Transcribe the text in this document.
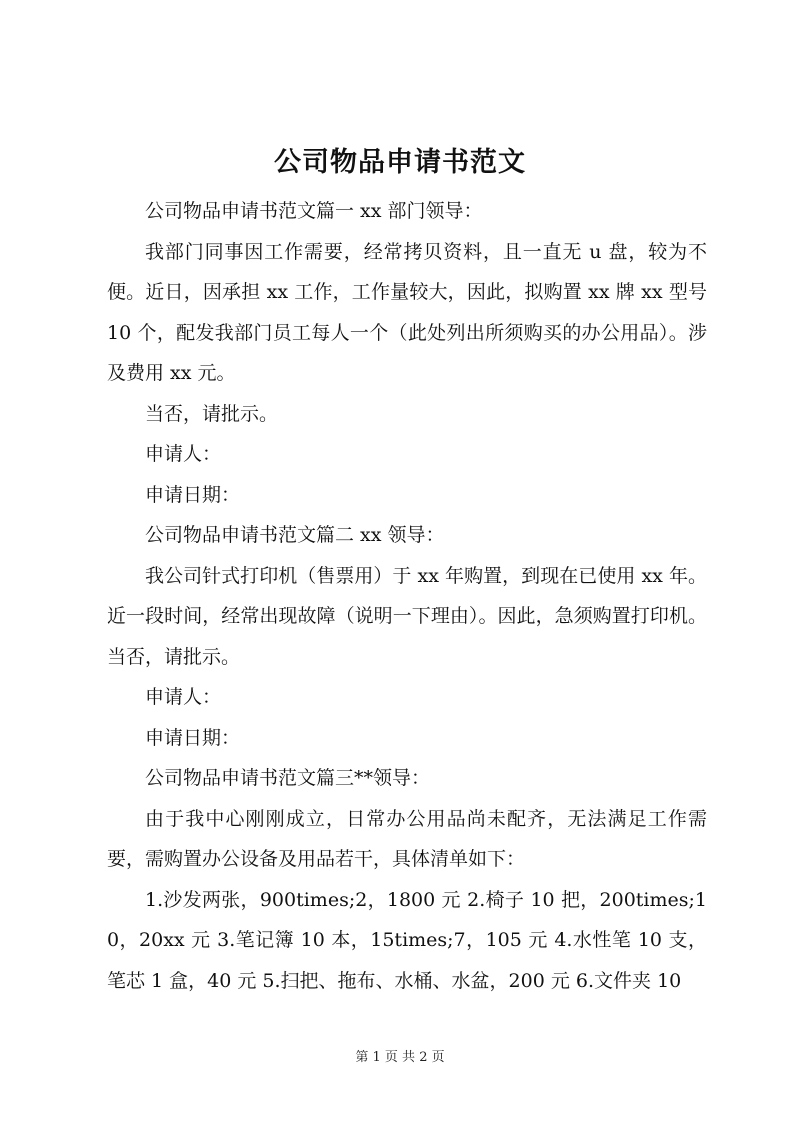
公司物品申请书范文

公司物品申请书范文篇一 xx 部门领导：

我部门同事因工作需要，经常拷贝资料，且一直无 u 盘，较为不便。近日，因承担 xx 工作，工作量较大，因此，拟购置 xx 牌 xx 型号 10 个，配发我部门员工每人一个（此处列出所须购买的办公用品）。涉及费用 xx 元。

当否，请批示。

申请人：

申请日期：

公司物品申请书范文篇二 xx 领导：

我公司针式打印机（售票用）于 xx 年购置，到现在已使用 xx 年。近一段时间，经常出现故障（说明一下理由）。因此，急须购置打印机。当否，请批示。

申请人：

申请日期：

公司物品申请书范文篇三**领导：

由于我中心刚刚成立，日常办公用品尚未配齐，无法满足工作需要，需购置办公设备及用品若干，具体清单如下：

1.沙发两张，900times;2，1800 元 2.椅子 10 把，200times;10，20xx 元 3.笔记簿 10 本，15times;7，105 元 4.水性笔 10 支，笔芯 1 盒，40 元 5.扫把、拖布、水桶、水盆，200 元 6.文件夹 10

第 1 页 共 2 页
